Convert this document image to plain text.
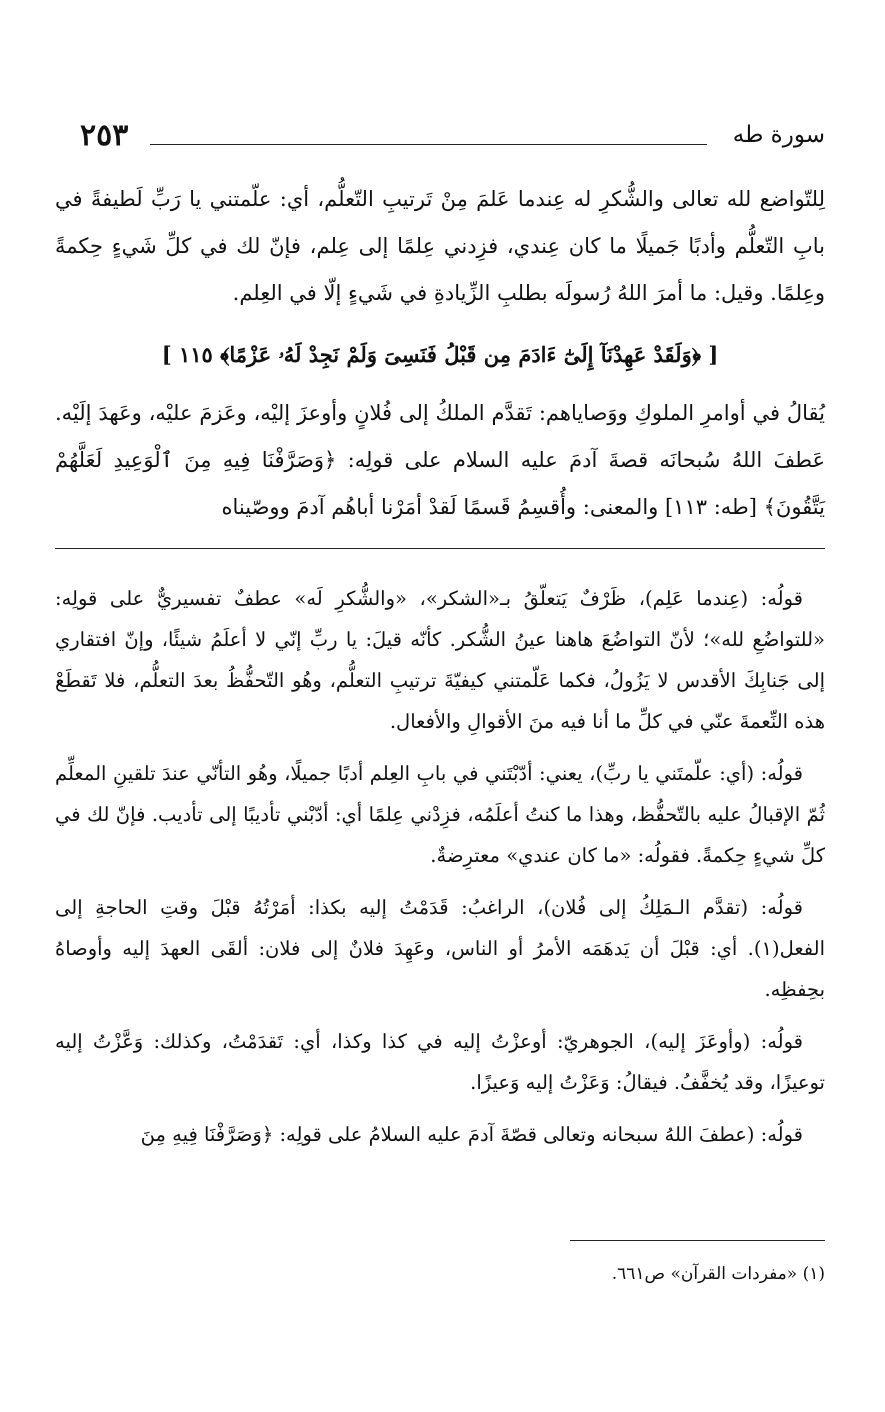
سورة طه
٢٥٣

لِلتّواضع لله تعالى والشُّكرِ له عِندما عَلمَ مِنْ تَرتيبِ التّعلُّم، أي: علّمتني يا رَبِّ لَطيفةً في بابِ التّعلُّم وأدبًا جَميلًا ما كان عِندي، فزِدني عِلمًا إلى عِلم، فإنّ لك في كلِّ شَيءٍ حِكمةً وعِلمًا. وقيل: ما أمرَ اللهُ رُسولَه بطلبِ الزِّيادةِ في شَيءٍ إلّا في العِلم.

[ ﴿وَلَقَدْ عَهِدْنَآ إِلَىٰٓ ءَادَمَ مِن قَبْلُ فَنَسِىَ وَلَمْ نَجِدْ لَهُۥ عَزْمًا﴾ ١١٥ ]

يُقالُ في أوامرِ الملوكِ ووَصاياهم: تَقدَّم الملكُ إلى فُلانٍ وأوعزَ إليْه، وعَزمَ عليْه، وعَهدَ إلَيْه. عَطفَ اللهُ سُبحانَه قصةَ آدمَ عليه السلام على قولِه: ﴿وَصَرَّفْنَا فِيهِ مِنَ ٱلْوَعِيدِ لَعَلَّهُمْ يَتَّقُونَ﴾ [طه: ١١٣] والمعنى: وأُقسِمُ قَسمًا لَقدْ أمَرْنا أباهُم آدمَ ووصّيناه

قولُه: (عِندما عَلِم)، ظَرْفٌ يَتعلّقُ بـ«الشكر»، «والشُّكرِ لَه» عطفٌ تفسيريٌّ على قولِه: «للتواضُعِ لله»؛ لأنّ التواضُعَ هاهنا عينُ الشُّكر. كأنّه قيلَ: يا ربِّ إنّي لا أعلَمُ شيئًا، وإنّ افتقاري إلى جَنابِكَ الأقدس لا يَزُولُ، فكما عَلّمتني كيفيّةَ ترتيبِ التعلُّم، وهُو التّحفُّظُ بعدَ التعلُّم، فلا تَقطَعْ هذه النِّعمةَ عنّي في كلِّ ما أنا فيه منَ الأقوالِ والأفعال.

قولُه: (أي: علّمتَني يا ربِّ)، يعني: أدّبْتَني في بابِ العِلم أدبًا جميلًا، وهُو التأنّي عندَ تلقينِ المعلِّم ثُمّ الإقبالُ عليه بالتّحفُّظ، وهذا ما كنتُ أعلَمُه، فزِدْني عِلمًا أي: أدّبْني تأديبًا إلى تأديب. فإنّ لك في كلِّ شيءٍ حِكمةً. فقولُه: «ما كان عندي» معترِضةٌ.

قولُه: (تقدَّم الـمَلِكُ إلى فُلان)، الراغبُ: قَدَمْتُ إليه بكذا: أمَرْتُهُ قبْلَ وقتِ الحاجةِ إلى الفعل(١). أي: قبْلَ أن يَدهَمَه الأمرُ أو الناس، وعَهِدَ فلانٌ إلى فلان: ألقَى العهدَ إليه وأوصاهُ بحِفظِه.

قولُه: (وأوعَزَ إليه)، الجوهريّ: أوعزْتُ إليه في كذا وكذا، أي: تَقدَمْتُ، وكذلك: وَعَّزْتُ إليه توعيزًا، وقد يُخفَّفُ. فيقالُ: وَعَزْتُ إليه وَعيزًا.

قولُه: (عطفَ اللهُ سبحانه وتعالى قصّةَ آدمَ عليه السلامُ على قولِه: ﴿وَصَرَّفْنَا فِيهِ مِنَ

(١) «مفردات القرآن» ص٦٦١.
